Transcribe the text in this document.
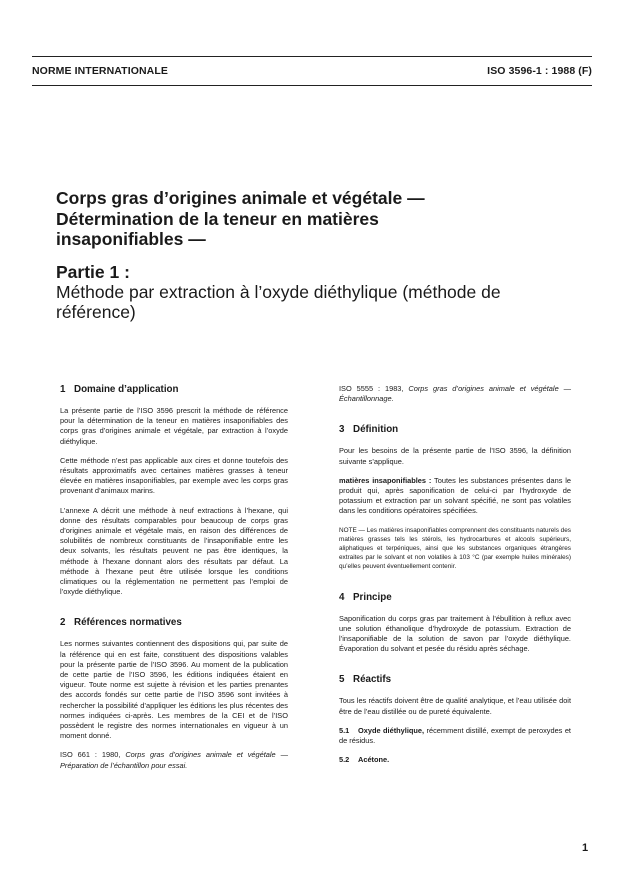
NORME INTERNATIONALE	ISO 3596-1 : 1988 (F)
Corps gras d’origines animale et végétale —
Détermination de la teneur en matières
insaponifiables —
Partie 1 :
Méthode par extraction à l’oxyde diéthylique (méthode de
référence)
1 Domaine d’application

La présente partie de l’ISO 3596 prescrit la méthode de référence pour la détermination de la teneur en matières insaponifiables des corps gras d’origines animale et végétale, par extraction à l’oxyde diéthylique.

Cette méthode n’est pas applicable aux cires et donne toutefois des résultats approximatifs avec certaines matières grasses à teneur élevée en matières insaponifiables, par exemple avec les corps gras provenant d’animaux marins.

L’annexe A décrit une méthode à neuf extractions à l’hexane, qui donne des résultats comparables pour beaucoup de corps gras d’origines animale et végétale mais, en raison des différences de solubilités de nombreux constituants de l’insaponifiable entre les deux solvants, les résultats peuvent ne pas être identiques, la méthode à l’hexane donnant alors des résultats par défaut. La méthode à l’hexane peut être utilisée lorsque les conditions climatiques ou la réglementation ne permettent pas l’emploi de l’oxyde diéthylique.

2 Références normatives

Les normes suivantes contiennent des dispositions qui, par suite de la référence qui en est faite, constituent des dispositions valables pour la présente partie de l’ISO 3596. Au moment de la publication de cette partie de l’ISO 3596, les éditions indiquées étaient en vigueur. Toute norme est sujette à révision et les parties prenantes des accords fondés sur cette partie de l’ISO 3596 sont invitées à rechercher la possibilité d’appliquer les éditions les plus récentes des normes indiquées ci-après. Les membres de la CEI et de l’ISO possèdent le registre des normes internationales en vigueur à un moment donné.

ISO 661 : 1980, Corps gras d’origines animale et végétale — Préparation de l’échantillon pour essai.

ISO 5555 : 1983, Corps gras d’origines animale et végétale — Échantillonnage.

3 Définition

Pour les besoins de la présente partie de l’ISO 3596, la définition suivante s’applique.

matières insaponifiables : Toutes les substances présentes dans le produit qui, après saponification de celui-ci par l’hydroxyde de potassium et extraction par un solvant spécifié, ne sont pas volatiles dans les conditions opératoires spécifiées.

NOTE — Les matières insaponifiables comprennent des constituants naturels des matières grasses tels les stérols, les hydrocarbures et alcools supérieurs, aliphatiques et terpéniques, ainsi que les substances organiques étrangères extraites par le solvant et non volatiles à 103 °C (par exemple huiles minérales) qu’elles peuvent éventuellement contenir.

4 Principe

Saponification du corps gras par traitement à l’ébullition à reflux avec une solution éthanolique d’hydroxyde de potassium. Extraction de l’insaponifiable de la solution de savon par l’oxyde diéthylique. Évaporation du solvant et pesée du résidu après séchage.

5 Réactifs

Tous les réactifs doivent être de qualité analytique, et l’eau utilisée doit être de l’eau distillée ou de pureté équivalente.

5.1 Oxyde diéthylique, récemment distillé, exempt de peroxydes et de résidus.

5.2 Acétone.

1
